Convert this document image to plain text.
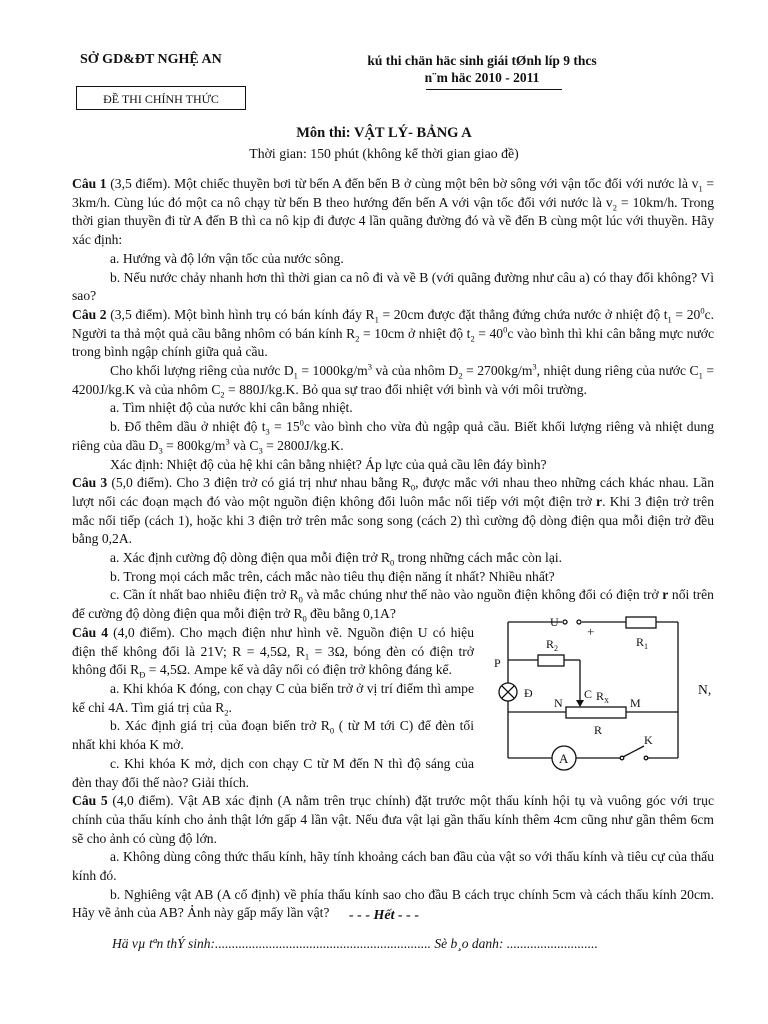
SỞ GD&ĐT NGHỆ AN	kú thi chän häc sinh giái tØnh líp 9 thcs
n¨m häc 2010 - 2011
ĐỀ THI CHÍNH THỨC
Môn thi: VẬT LÝ- BẢNG A
Thời gian: 150 phút (không kể thời gian giao đề)

Câu 1 (3,5 điểm). Một chiếc thuyền bơi từ bến A đến bến B ở cùng một bên bờ sông với vận tốc đối với nước là $v_1 = 3km/h$. Cùng lúc đó một ca nô chạy từ bến B theo hướng đến bến A với vận tốc đối với nước là $v_2 = 10km/h$. Trong thời gian thuyền đi từ A đến B thì ca nô kịp đi được 4 lần quãng đường đó và về đến B cùng một lúc với thuyền. Hãy xác định:

a. Hướng và độ lớn vận tốc của nước sông.

b. Nếu nước chảy nhanh hơn thì thời gian ca nô đi và về B (với quãng đường như câu a) có thay đổi không? Vì sao?

Câu 2 (3,5 điểm). Một bình hình trụ có bán kính đáy $R_1 = 20cm$ được đặt thẳng đứng chứa nước ở nhiệt độ $t_1 = 20^0c$. Người ta thả một quả cầu bằng nhôm có bán kính $R_2 = 10cm$ ở nhiệt độ $t_2 = 40^0c$ vào bình thì khi cân bằng mực nước trong bình ngập chính giữa quả cầu.

Cho khối lượng riêng của nước $D_1 = 1000kg/m^3$ và của nhôm $D_2 = 2700kg/m^3$, nhiệt dung riêng của nước $C_1 = 4200J/kg.K$ và của nhôm $C_2 = 880J/kg.K$. Bỏ qua sự trao đổi nhiệt với bình và với môi trường.

a. Tìm nhiệt độ của nước khi cân bằng nhiệt.

b. Đổ thêm dầu ở nhiệt độ $t_3 = 15^0c$ vào bình cho vừa đủ ngập quả cầu. Biết khối lượng riêng và nhiệt dung riêng của dầu $D_3 = 800kg/m^3$ và $C_3 = 2800J/kg.K$.

Xác định: Nhiệt độ của hệ khi cân bằng nhiệt? Áp lực của quả cầu lên đáy bình?

Câu 3 (5,0 điểm). Cho 3 điện trở có giá trị như nhau bằng $R_0$, được mắc với nhau theo những cách khác nhau. Lần lượt nối các đoạn mạch đó vào một nguồn điện không đổi luôn mắc nối tiếp với một điện trở r. Khi 3 điện trở trên mắc nối tiếp (cách 1), hoặc khi 3 điện trở trên mắc song song (cách 2) thì cường độ dòng điện qua mỗi điện trở đều bằng 0,2A.

a. Xác định cường độ dòng điện qua mỗi điện trở $R_0$ trong những cách mắc còn lại.

b. Trong mọi cách mắc trên, cách mắc nào tiêu thụ điện năng ít nhất? Nhiều nhất?

c. Cần ít nhất bao nhiêu điện trở $R_0$ và mắc chúng như thế nào vào nguồn điện không đổi có điện trở r nối trên để cường độ dòng điện qua mỗi điện trở $R_0$ đều bằng 0,1A?

Câu 4 (4,0 điểm). Cho mạch điện như hình vẽ. Nguồn điện U có hiệu điện thế không đổi là 21V; R = 4,5Ω, $R_1 = 3\Omega$, bóng đèn có điện trở không đổi $R_Đ = 4,5\Omega$. Ampe kế và dây nối có điện trở không đáng kể.

a. Khi khóa K đóng, con chạy C của biến trở ở vị trí điểm thì ampe kế chỉ 4A. Tìm giá trị của $R_2$.

b. Xác định giá trị của đoạn biến trở $R_0$ ( từ M tới C) để đèn tối nhất khi khóa K mở.

c. Khi khóa K mở, dịch con chạy C từ M đến N thì độ sáng của đèn thay đổi thế nào? Giải thích.

Câu 5 (4,0 điểm). Vật AB xác định (A nằm trên trục chính) đặt trước một thấu kính hội tụ và vuông góc với trục chính của thấu kính cho ảnh thật lớn gấp 4 lần vật. Nếu đưa vật lại gần thấu kính thêm 4cm cũng như gần thêm 6cm sẽ cho ảnh có cùng độ lớn.

a. Không dùng công thức thấu kính, hãy tính khoảng cách ban đầu của vật so với thấu kính và tiêu cự của thấu kính đó.

b. Nghiêng vật AB (A cố định) về phía thấu kính sao cho đầu B cách trục chính 5cm và cách thấu kính 20cm. Hãy vẽ ảnh của AB? Ảnh này gấp mấy lần vật?

N,
U
+
$R_1$
$R_2$
P
Đ	C $R_X$
N	M
R
K
A
- - - Hết - - -
Hä vµ tªn thÝ sinh:................................................................ Sè b¸o danh: ...........................
